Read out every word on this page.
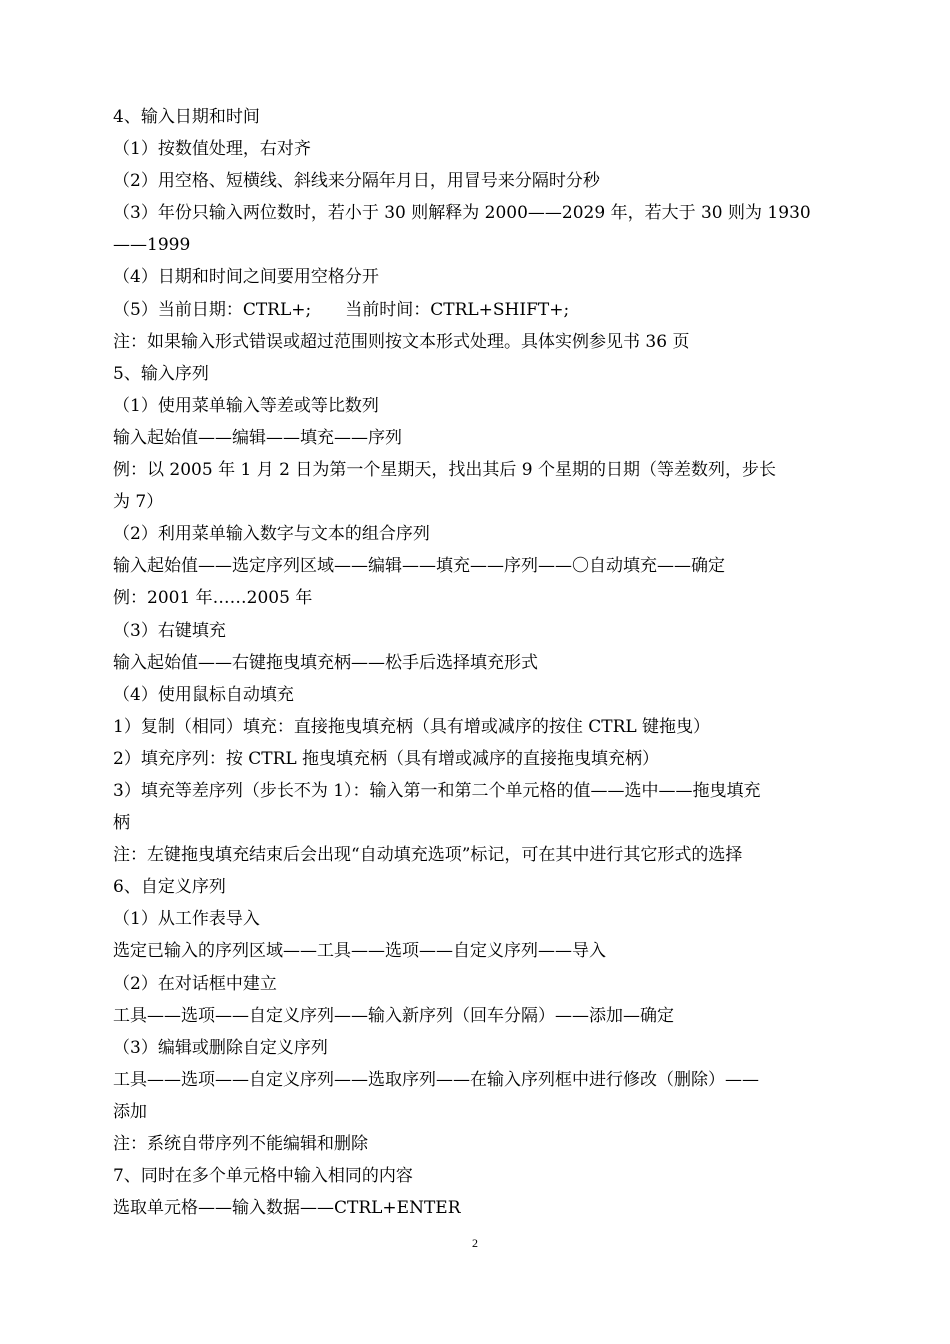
4、输入日期和时间

（1）按数值处理，右对齐

（2）用空格、短横线、斜线来分隔年月日，用冒号来分隔时分秒

（3）年份只输入两位数时，若小于 30 则解释为 2000——2029 年，若大于 30 则为 1930

——1999

（4）日期和时间之间要用空格分开

（5）当前日期：CTRL+;　　当前时间：CTRL+SHIFT+;

注：如果输入形式错误或超过范围则按文本形式处理。具体实例参见书 36 页

5、输入序列

（1）使用菜单输入等差或等比数列

输入起始值——编辑——填充——序列

例：以 2005 年 1 月 2 日为第一个星期天，找出其后 9 个星期的日期（等差数列，步长

为 7）

（2）利用菜单输入数字与文本的组合序列

输入起始值——选定序列区域——编辑——填充——序列——〇自动填充——确定

例：2001 年……2005 年

（3）右键填充

输入起始值——右键拖曳填充柄——松手后选择填充形式

（4）使用鼠标自动填充

1）复制（相同）填充：直接拖曳填充柄（具有增或减序的按住 CTRL 键拖曳）

2）填充序列：按 CTRL 拖曳填充柄（具有增或减序的直接拖曳填充柄）

3）填充等差序列（步长不为 1）：输入第一和第二个单元格的值——选中——拖曳填充

柄

注：左键拖曳填充结束后会出现“自动填充选项”标记，可在其中进行其它形式的选择

6、自定义序列

（1）从工作表导入

选定已输入的序列区域——工具——选项——自定义序列——导入

（2）在对话框中建立

工具——选项——自定义序列——输入新序列（回车分隔）——添加—确定

（3）编辑或删除自定义序列

工具——选项——自定义序列——选取序列——在输入序列框中进行修改（删除）——

添加

注：系统自带序列不能编辑和删除

7、同时在多个单元格中输入相同的内容

选取单元格——输入数据——CTRL+ENTER

2
